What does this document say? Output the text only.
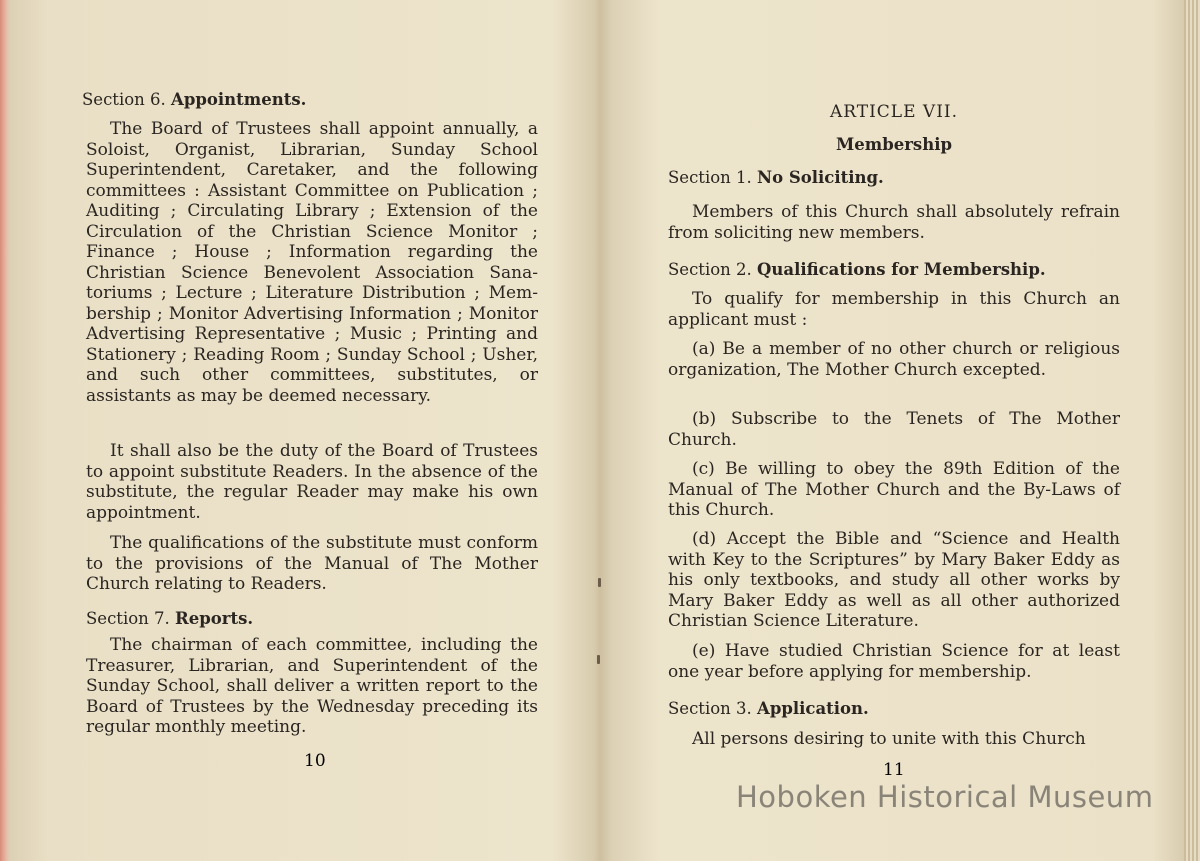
Section 6. Appointments.

The Board of Trustees shall appoint annually, a Soloist, Organist, Librarian, Sunday School Superintendent, Caretaker, and the following committees : Assistant Committee on Publication ; Auditing ; Circulating Library ; Extension of the Circulation of the Christian Science Monitor ; Finance ; House ; Information regarding the Christian Science Benevolent Association Sanatoriums ; Lecture ; Literature Distribution ; Membership ; Monitor Advertising Information ; Monitor Advertising Representative ; Music ; Printing and Stationery ; Reading Room ; Sunday School ; Usher, and such other committees, substitutes, or assistants as may be deemed necessary.

It shall also be the duty of the Board of Trustees to appoint substitute Readers. In the absence of the substitute, the regular Reader may make his own appointment.

The qualifications of the substitute must conform to the provisions of the Manual of The Mother Church relating to Readers.

Section 7. Reports.

The chairman of each committee, including the Treasurer, Librarian, and Superintendent of the Sunday School, shall deliver a written report to the Board of Trustees by the Wednesday preceding its regular monthly meeting.

10

ARTICLE VII.

Membership

Section 1. No Soliciting.

Members of this Church shall absolutely refrain from soliciting new members.

Section 2. Qualifications for Membership.

To qualify for membership in this Church an applicant must :

(a) Be a member of no other church or religious organization, The Mother Church excepted.

(b) Subscribe to the Tenets of The Mother Church.

(c) Be willing to obey the 89th Edition of the Manual of The Mother Church and the By-Laws of this Church.

(d) Accept the Bible and “Science and Health with Key to the Scriptures” by Mary Baker Eddy as his only textbooks, and study all other works by Mary Baker Eddy as well as all other authorized Christian Science Literature.

(e) Have studied Christian Science for at least one year before applying for membership.

Section 3. Application.

All persons desiring to unite with this Church

11
Hoboken Historical Museum
